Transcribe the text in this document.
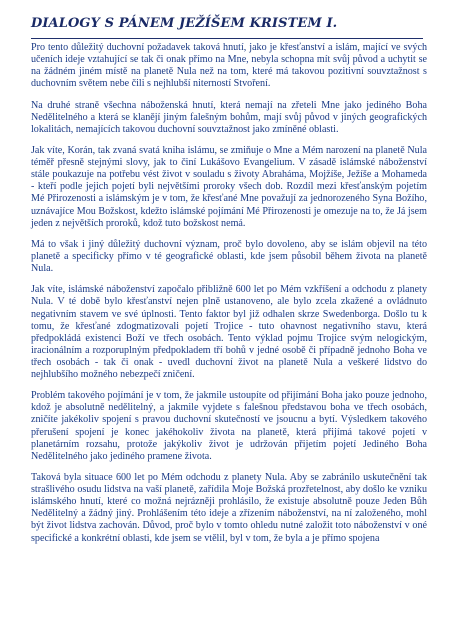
DIALOGY S PÁNEM JEŽÍŠEM KRISTEM I.

Pro tento důležitý duchovní požadavek taková hnutí, jako je křesťanství a islám, mající ve svých učeních ideje vztahující se tak či onak přímo na Mne, nebyla schopna mít svůj původ a uchytit se na žádném jiném místě na planetě Nula než na tom, které má takovou pozitivní souvztažnost s duchovním světem nebe čili s nejhlubší niterností Stvoření.

Na druhé straně všechna náboženská hnutí, která nemají na zřeteli Mne jako jediného Boha Nedělitelného a která se klanějí jiným falešným bohům, mají svůj původ v jiných geografických lokalitách, nemajících takovou duchovní souvztažnost jako zmíněné oblasti.

Jak víte, Korán, tak zvaná svatá kniha islámu, se zmiňuje o Mne a Mém narození na planetě Nula téměř přesně stejnými slovy, jak to činí Lukášovo Evangelium. V zásadě islámské náboženství stále poukazuje na potřebu vést život v souladu s životy Abraháma, Mojžíše, Ježíše a Mohameda - kteří podle jejich pojetí byli největšími proroky všech dob. Rozdíl mezi křesťanským pojetím Mé Přirozenosti a islámským je v tom, že křesťané Mne považují za jednorozeného Syna Božího, uznávajíce Mou Božskost, kdežto islámské pojímání Mé Přirozenosti je omezuje na to, že Já jsem jeden z největších proroků, kdož tuto božskost nemá.

Má to však i jiný důležitý duchovní význam, proč bylo dovoleno, aby se islám objevil na této planetě a specificky přímo v té geografické oblasti, kde jsem působil během života na planetě Nula.

Jak víte, islámské náboženství započalo přibližně 600 let po Mém vzkříšení a odchodu z planety Nula. V té době bylo křesťanství nejen plně ustanoveno, ale bylo zcela zkažené a ovládnuto negativním stavem ve své úplnosti. Tento faktor byl již odhalen skrze Swedenborga. Došlo tu k tomu, že křesťané zdogmatizovali pojetí Trojice - tuto ohavnost negativního stavu, která předpokládá existenci Boží ve třech osobách. Tento výklad pojmu Trojice svým nelogickým, iracionálním a rozporuplným předpokladem tří bohů v jedné osobě či případně jednoho Boha ve třech osobách - tak či onak - uvedl duchovní život na planetě Nula a veškeré lidstvo do nejhlubšího možného nebezpečí zničení.

Problém takového pojímání je v tom, že jakmile ustoupíte od přijímání Boha jako pouze jednoho, kdož je absolutně nedělitelný, a jakmile vyjdete s falešnou představou boha ve třech osobách, zničíte jakékoliv spojení s pravou duchovní skutečností ve jsoucnu a bytí. Výsledkem takového přerušení spojení je konec jakéhokoliv života na planetě, která přijímá takové pojetí v planetárním rozsahu, protože jakýkoliv život je udržován přijetím pojetí Jediného Boha Nedělitelného jako jediného pramene života.

Taková byla situace 600 let po Mém odchodu z planety Nula. Aby se zabránilo uskutečnění tak strašlivého osudu lidstva na vaší planetě, zařídila Moje Božská prozřetelnost, aby došlo ke vzniku islámského hnutí, které co možná nejrázněji prohlásilo, že existuje absolutně pouze Jeden Bůh Nedělitelný a žádný jiný. Prohlášením této ideje a zřízením náboženství, na ní založeného, mohl být život lidstva zachován. Důvod, proč bylo v tomto ohledu nutné založit toto náboženství v oné specifické a konkrétní oblasti, kde jsem se vtělil, byl v tom, že byla a je přímo spojena
